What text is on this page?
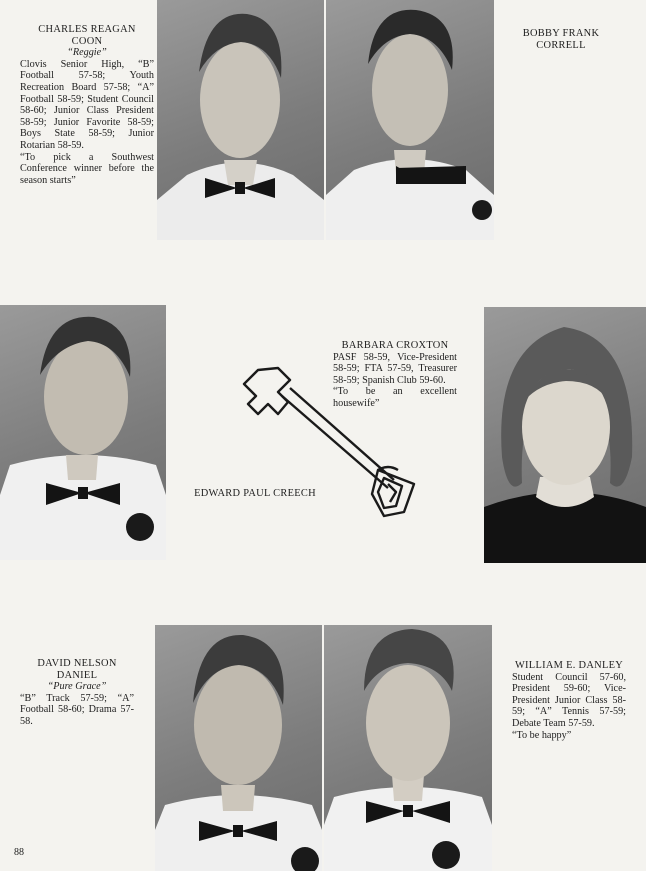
CHARLES REAGAN

COON

“Reggie”

Clovis Senior High, “B” Football 57-58; Youth Recreation Board 57-58; “A” Football 58-59; Student Council 58-60; Junior Class President 58-59; Junior Favorite 58-59; Boys State 58-59; Junior Rotarian 58-59.

“To pick a Southwest Conference winner before the season starts”

BOBBY FRANK
CORRELL
EDWARD PAUL CREECH

BARBARA CROXTON

PASF 58-59, Vice-President 58-59; FTA 57-59, Treasurer 58-59; Spanish Club 59-60.

“To be an excellent housewife”

DAVID NELSON

DANIEL

“Pure Grace”

“B” Track 57-59; “A” Football 58-60; Drama 57-58.

WILLIAM E. DANLEY

Student Council 57-60, President 59-60; Vice-President Junior Class 58-59; “A” Tennis 57-59; Debate Team 57-59.

“To be happy”

88
